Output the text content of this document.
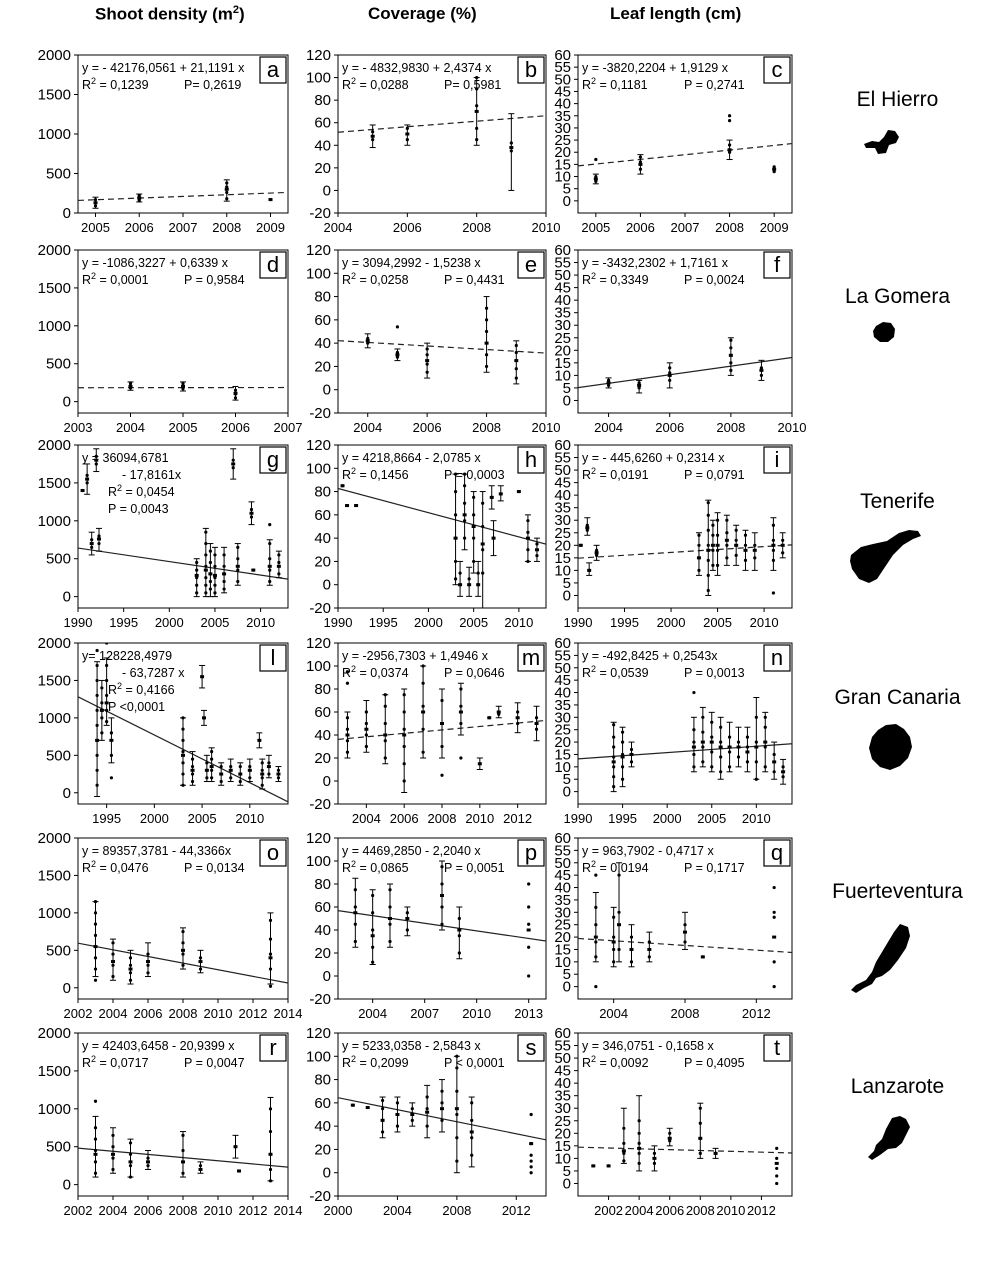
Shoot density $(m^2)$	Coverage (%)	Leaf length (cm)
El Hierro
La Gomera
Tenerife
Gran Canaria
Fuerteventura
Lanzarote
0
500
1000
1500
2000
2005 2006 2007 2008 2009
y = - 42176,0561 + 21,1191 x
$R^2 = 0,1239$	P= 0,2619
a
-20
0
20
40
60
80
100
120
2004	2006	2008	2010
y = - 4832,9830 + 2,4374 x
$R^2 = 0,0288$	P= 0,5981
b
0
5
10
15
20
25
30
35
40
45
50
55
60
2005 2006 2007 2008 2009
y = -3820,2204 + 1,9129 x
$R^2 = 0,1181$	P = 0,2741
c
0
500
1000
1500
2000
2003 2004 2005 2006 2007
y = -1086,3227 + 0,6339 x
$R^2 = 0,0001$	P = 0,9584
d
-20
0
20
40
60
80
100
120
2004 2006 2008 2010
y = 3094,2992 - 1,5238 x
$R^2 = 0,0258$	P = 0,4431
e
0
5
10
15
20
25
30
35
40
45
50
55
60
2004 2006 2008 2010
y = -3432,2302 + 1,7161 x
$R^2 = 0,3349$	P = 0,0024
f
0
500
1000
1500
2000
1990 1995 2000 2005 2010
y = 36094,6781
- 17,8161x
$R^2 = 0,0454$
P = 0,0043
g
-20
0
20
40
60
80
100
120
1990 1995 2000 2005 2010
y = 4218,8664 - 2,0785 x
$R^2 = 0,1456$	P = 0,0003
h
0
5
10
15
20
25
30
35
40
45
50
55
60
1990 1995 2000 2005 2010
y = - 445,6260 + 0,2314 x
$R^2 = 0,0191$	P = 0,0791
i
0
500
1000
1500
2000
1995 2000 2005 2010
y= 128228,4979
- 63,7287 x
$R^2 = 0,4166$
P <0,0001
l
-20
0
20
40
60
80
100
120
2004 2006 2008 2010 2012
y = -2956,7303 + 1,4946 x
$R^2 = 0,0374$	P = 0,0646
m
0
5
10
15
20
25
30
35
40
45
50
55
60
1990 1995 2000 2005 2010
y = -492,8425 + 0,2543x
$R^2 = 0,0539$	P = 0,0013
n
0
500
1000
1500
2000
2002 2004 2006 2008 2010 2012 2014
y = 89357,3781 - 44,3366x
$R^2 = 0,0476$	P = 0,0134
o
-20
0
20
40
60
80
100
120
2004 2007 2010 2013
y = 4469,2850 - 2,2040 x
$R^2 = 0,0865$	P = 0,0051
p
0
5
10
15
20
25
30
35
40
45
50
55
60
2004	2008	2012
y = 963,7902 - 0,4717 x
$R^2 = 0,0194$	P = 0,1717
q
0
500
1000
1500
2000
2002 2004 2006 2008 2010 2012 2014
y = 42403,6458 - 20,9399 x
$R^2 = 0,0717$	P = 0,0047
r
-20
0
20
40
60
80
100
120
2000 2004 2008 2012
y = 5233,0358 - 2,5843 x
$R^2 = 0,2099$	P < 0,0001
s
0
5
10
15
20
25
30
35
40
45
50
55
60
2002 2004 2006 2008 2010 2012
y = 346,0751 - 0,1658 x
$R^2 = 0,0092$	P = 0,4095
t
